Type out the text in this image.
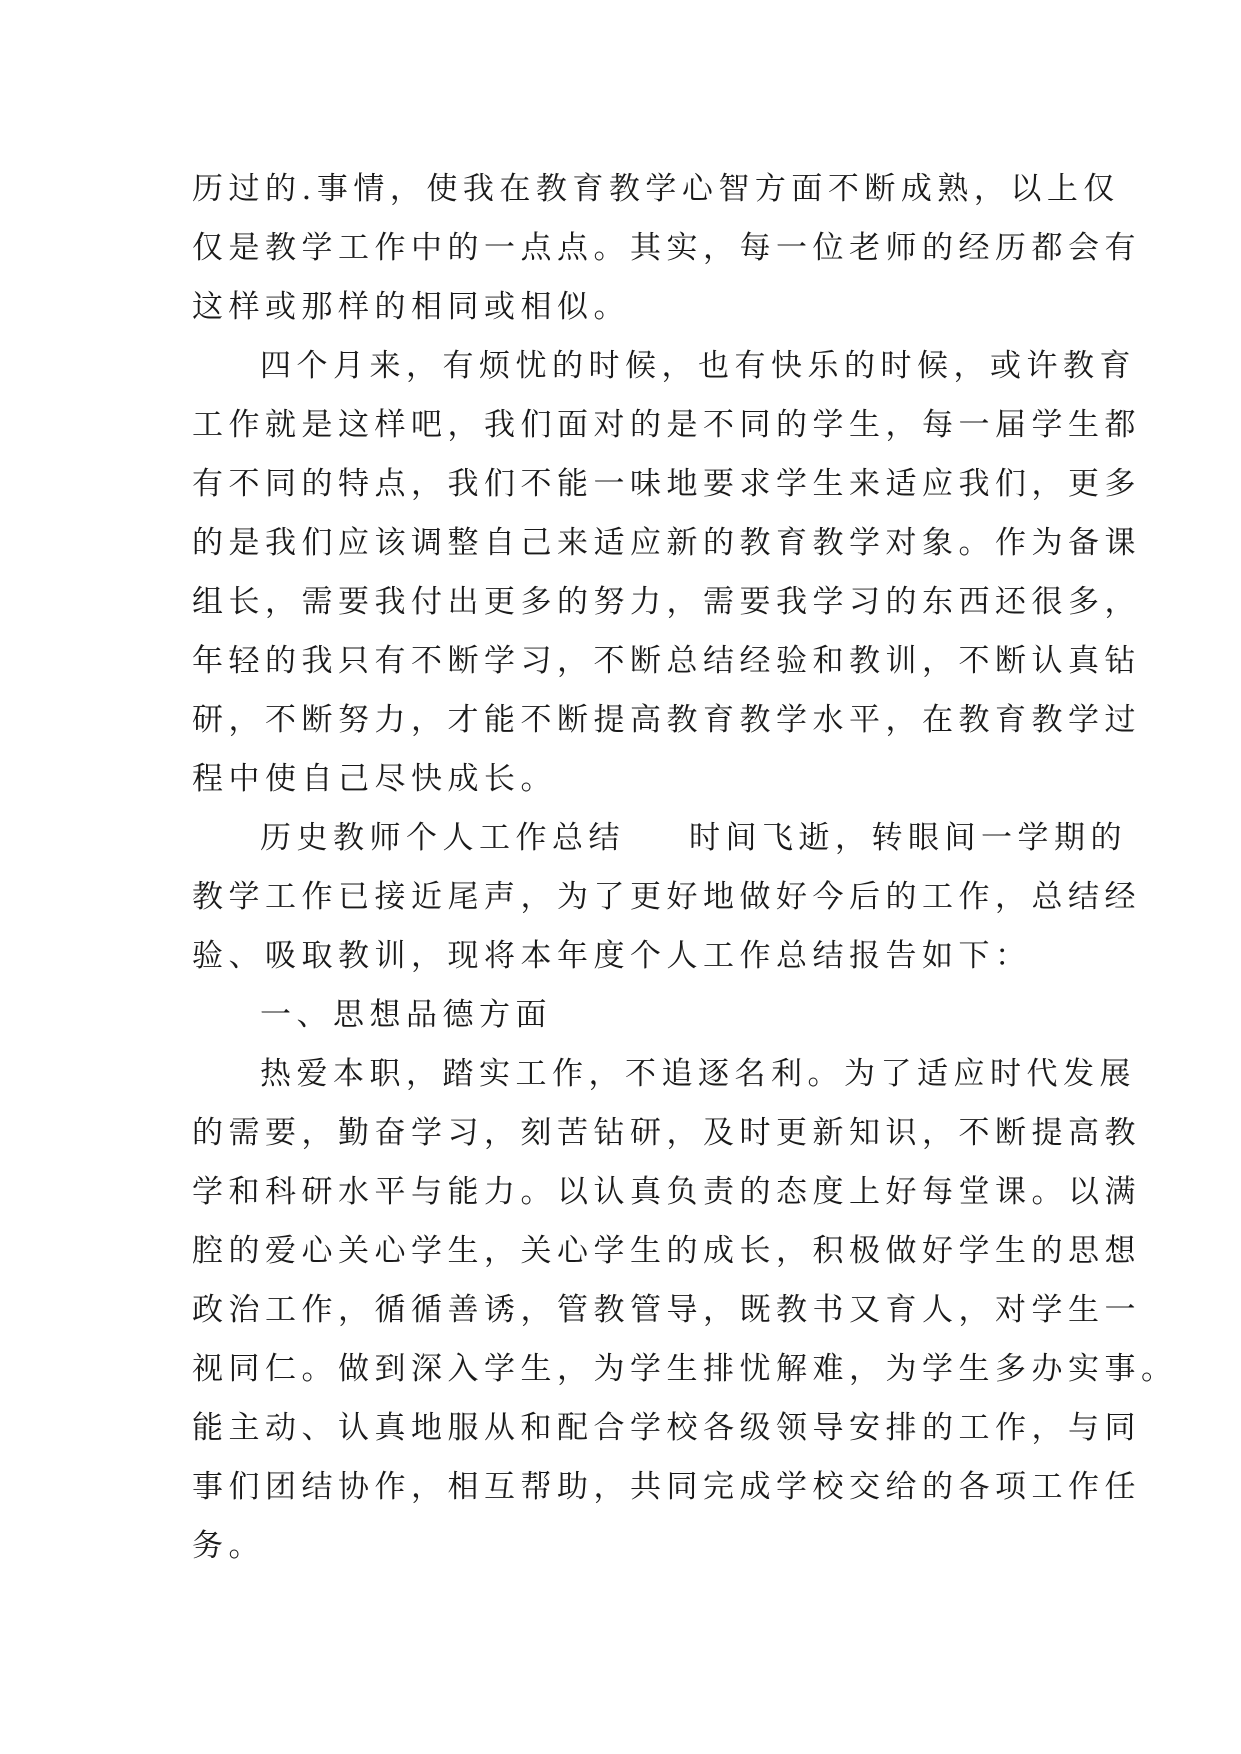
历过的.事情，使我在教育教学心智方面不断成熟，以上仅
仅是教学工作中的一点点。其实，每一位老师的经历都会有
这样或那样的相同或相似。
四个月来，有烦忧的时候，也有快乐的时候，或许教育
工作就是这样吧，我们面对的是不同的学生，每一届学生都
有不同的特点，我们不能一味地要求学生来适应我们，更多
的是我们应该调整自己来适应新的教育教学对象。作为备课
组长，需要我付出更多的努力，需要我学习的东西还很多，
年轻的我只有不断学习，不断总结经验和教训，不断认真钻
研，不断努力，才能不断提高教育教学水平，在教育教学过
程中使自己尽快成长。
历史教师个人工作总结 时间飞逝，转眼间一学期的
教学工作已接近尾声，为了更好地做好今后的工作，总结经
验、吸取教训，现将本年度个人工作总结报告如下：
一、思想品德方面
热爱本职，踏实工作，不追逐名利。为了适应时代发展
的需要，勤奋学习，刻苦钻研，及时更新知识，不断提高教
学和科研水平与能力。以认真负责的态度上好每堂课。以满
腔的爱心关心学生，关心学生的成长，积极做好学生的思想
政治工作，循循善诱，管教管导，既教书又育人，对学生一
视同仁。做到深入学生，为学生排忧解难，为学生多办实事。
能主动、认真地服从和配合学校各级领导安排的工作，与同
事们团结协作，相互帮助，共同完成学校交给的各项工作任
务。
